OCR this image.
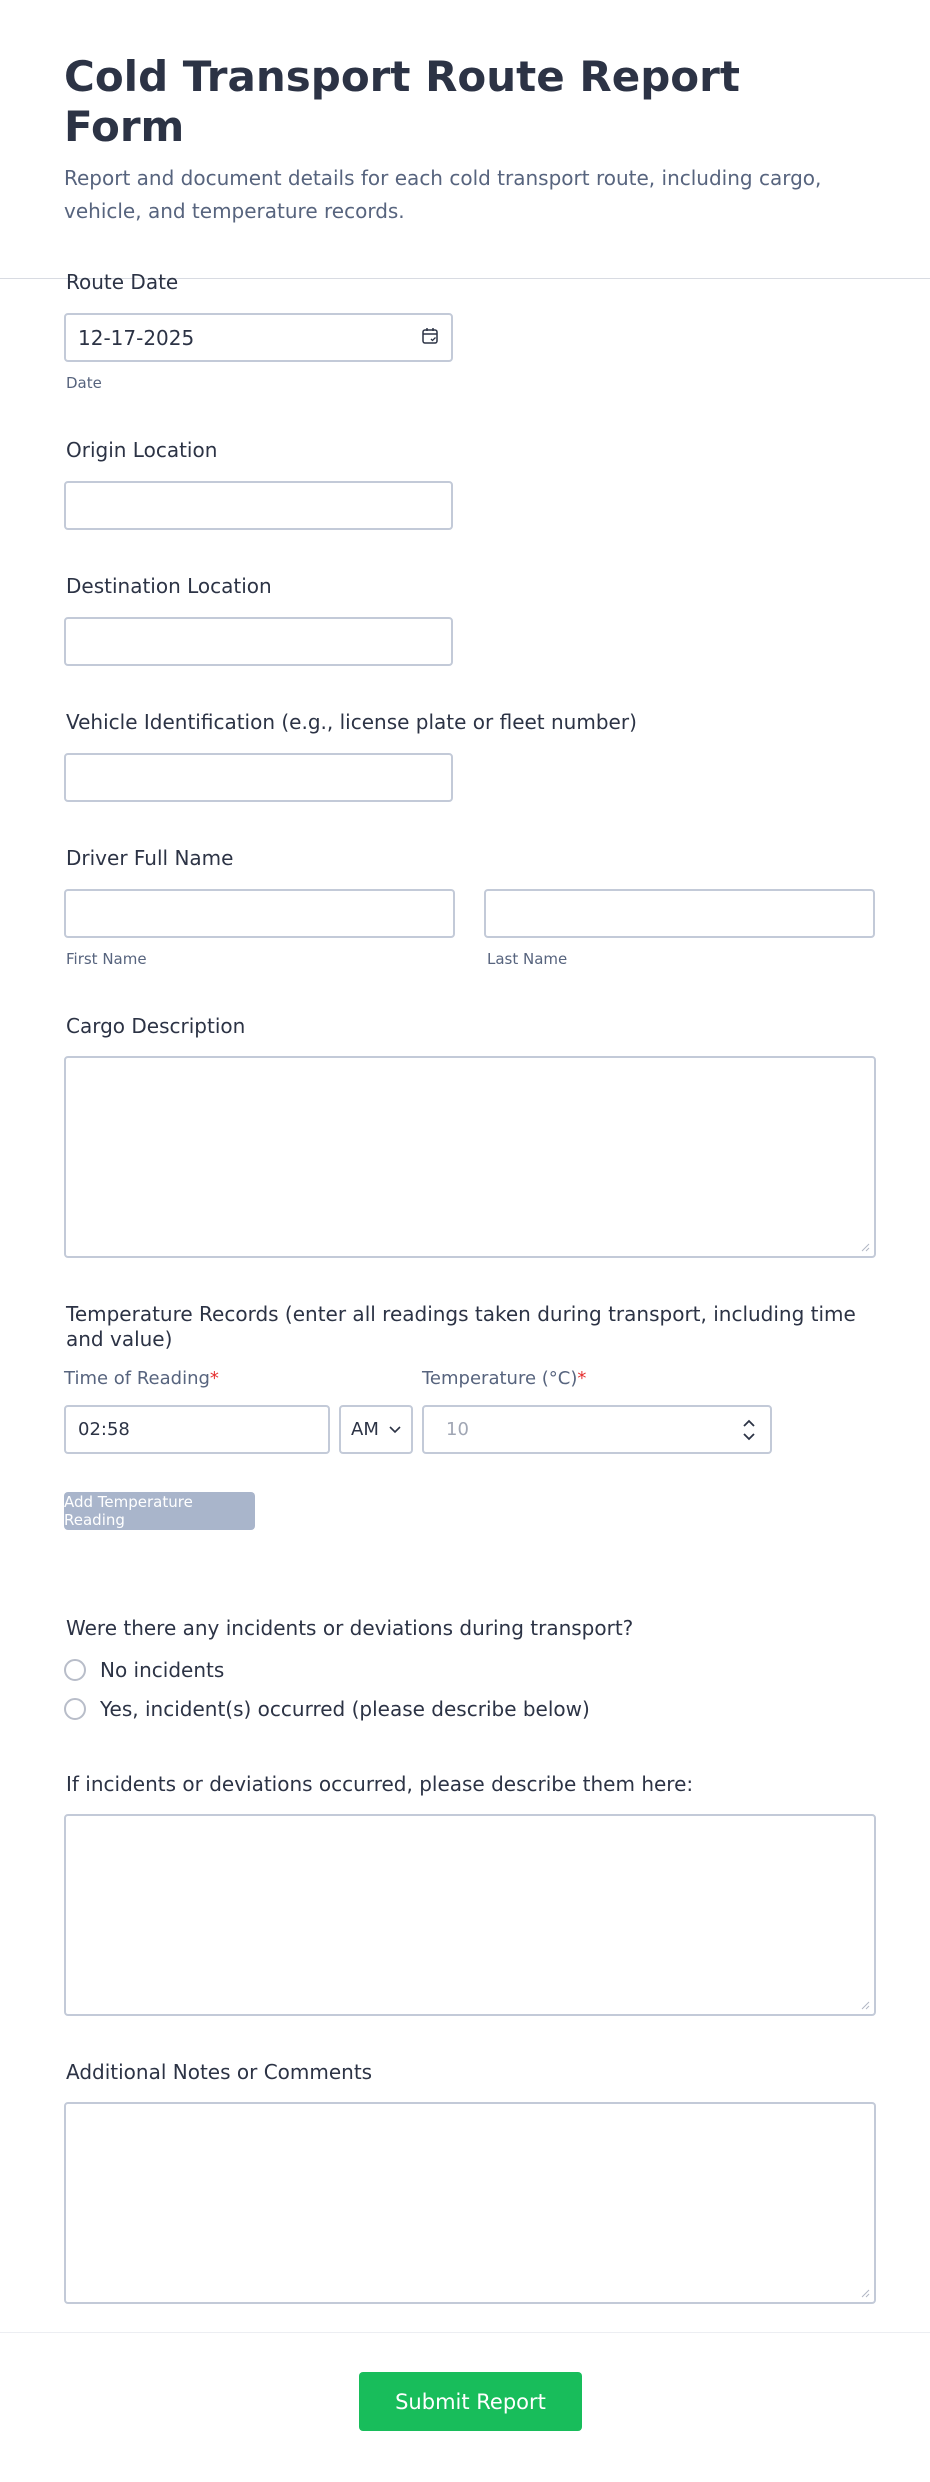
Cold Transport Route Report Form

Report and document details for each cold transport route, including cargo, vehicle, and temperature records.

Route Date
12-17-2025
Date
Origin Location
Destination Location
Vehicle Identification (e.g., license plate or fleet number)
Driver Full Name
First Name	Last Name
Cargo Description
Temperature Records (enter all readings taken during transport, including time and value)
Time of Reading*	Temperature (°C)*
02:58	AM	10
Add Temperature Reading
Were there any incidents or deviations during transport?
No incidents
Yes, incident(s) occurred (please describe below)
If incidents or deviations occurred, please describe them here:
Additional Notes or Comments
Submit Report
